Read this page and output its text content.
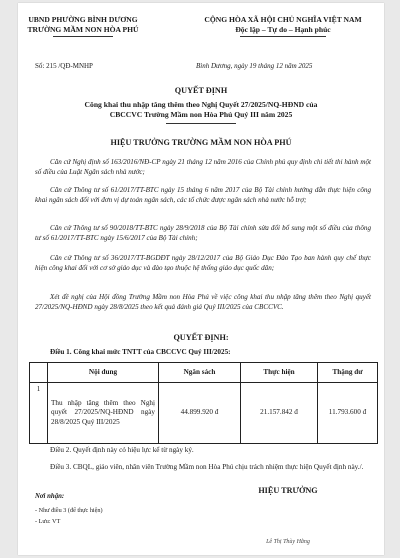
UBND PHƯỜNG BÌNH DƯƠNG
TRƯỜNG MẦM NON HÒA PHÚ
CỘNG HÒA XÃ HỘI CHỦ NGHĨA VIỆT NAM
Độc lập – Tự do – Hạnh phúc
Số: 215 /QĐ-MNHP	Bình Dương, ngày 19 tháng 12 năm 2025
QUYẾT ĐỊNH
Công khai thu nhập tăng thêm theo Nghị Quyết 27/2025/NQ-HĐND của
CBCCVC Trường Mầm non Hòa Phú Quý III năm 2025
HIỆU TRƯỞNG TRƯỜNG MẦM NON HÒA PHÚ
Căn cứ Nghị định số 163/2016/NĐ-CP ngày 21 tháng 12 năm 2016 của Chính phủ quy định chi tiết thi hành một số điều của Luật Ngân sách nhà nước;
Căn cứ Thông tư số 61/2017/TT-BTC ngày 15 tháng 6 năm 2017 của Bộ Tài chính hướng dẫn thực hiện công khai ngân sách đối với đơn vị dự toán ngân sách, các tổ chức được ngân sách nhà nước hỗ trợ;
Căn cứ Thông tư số 90/2018/TT-BTC ngày 28/9/2018 của Bộ Tài chính sửa đổi bổ sung một số điều của thông tư số 61/2017/TT-BTC ngày 15/6/2017 của Bộ Tài chính;
Căn cứ Thông tư số 36/2017/TT-BGDĐT ngày 28/12/2017 của Bộ Giáo Dục Đào Tạo ban hành quy chế thực hiện công khai đối với cơ sở giáo dục và đào tạo thuộc hệ thống giáo dục quốc dân;
Xét đề nghị của Hội đồng Trường Mầm non Hòa Phú về việc công khai thu nhập tăng thêm theo Nghị quyết 27/2025/NQ-HĐND ngày 28/8/2025 theo kết quả đánh giá Quý III/2025 của CBCCVC.
QUYẾT ĐỊNH:
Điều 1. Công khai mức TNTT của CBCCVC Quý III/2025:
	Nội dung	Ngân sách	Thực hiện	Thặng dư
1	Thu nhập tăng thêm theo Nghị quyết 27/2025/NQ-HĐND ngày 28/8/2025 Quý III/2025	44.899.920 đ	21.157.842 đ	11.793.600 đ
Điều 2. Quyết định này có hiệu lực kể từ ngày ký.
Điều 3. CBQL, giáo viên, nhân viên Trường Mầm non Hòa Phú chịu trách nhiệm thực hiện Quyết định này./.
HIỆU TRƯỞNG
Nơi nhận:
- Như điều 3 (để thực hiện)
- Lưu: VT
Lê Thị Thùy Hằng
